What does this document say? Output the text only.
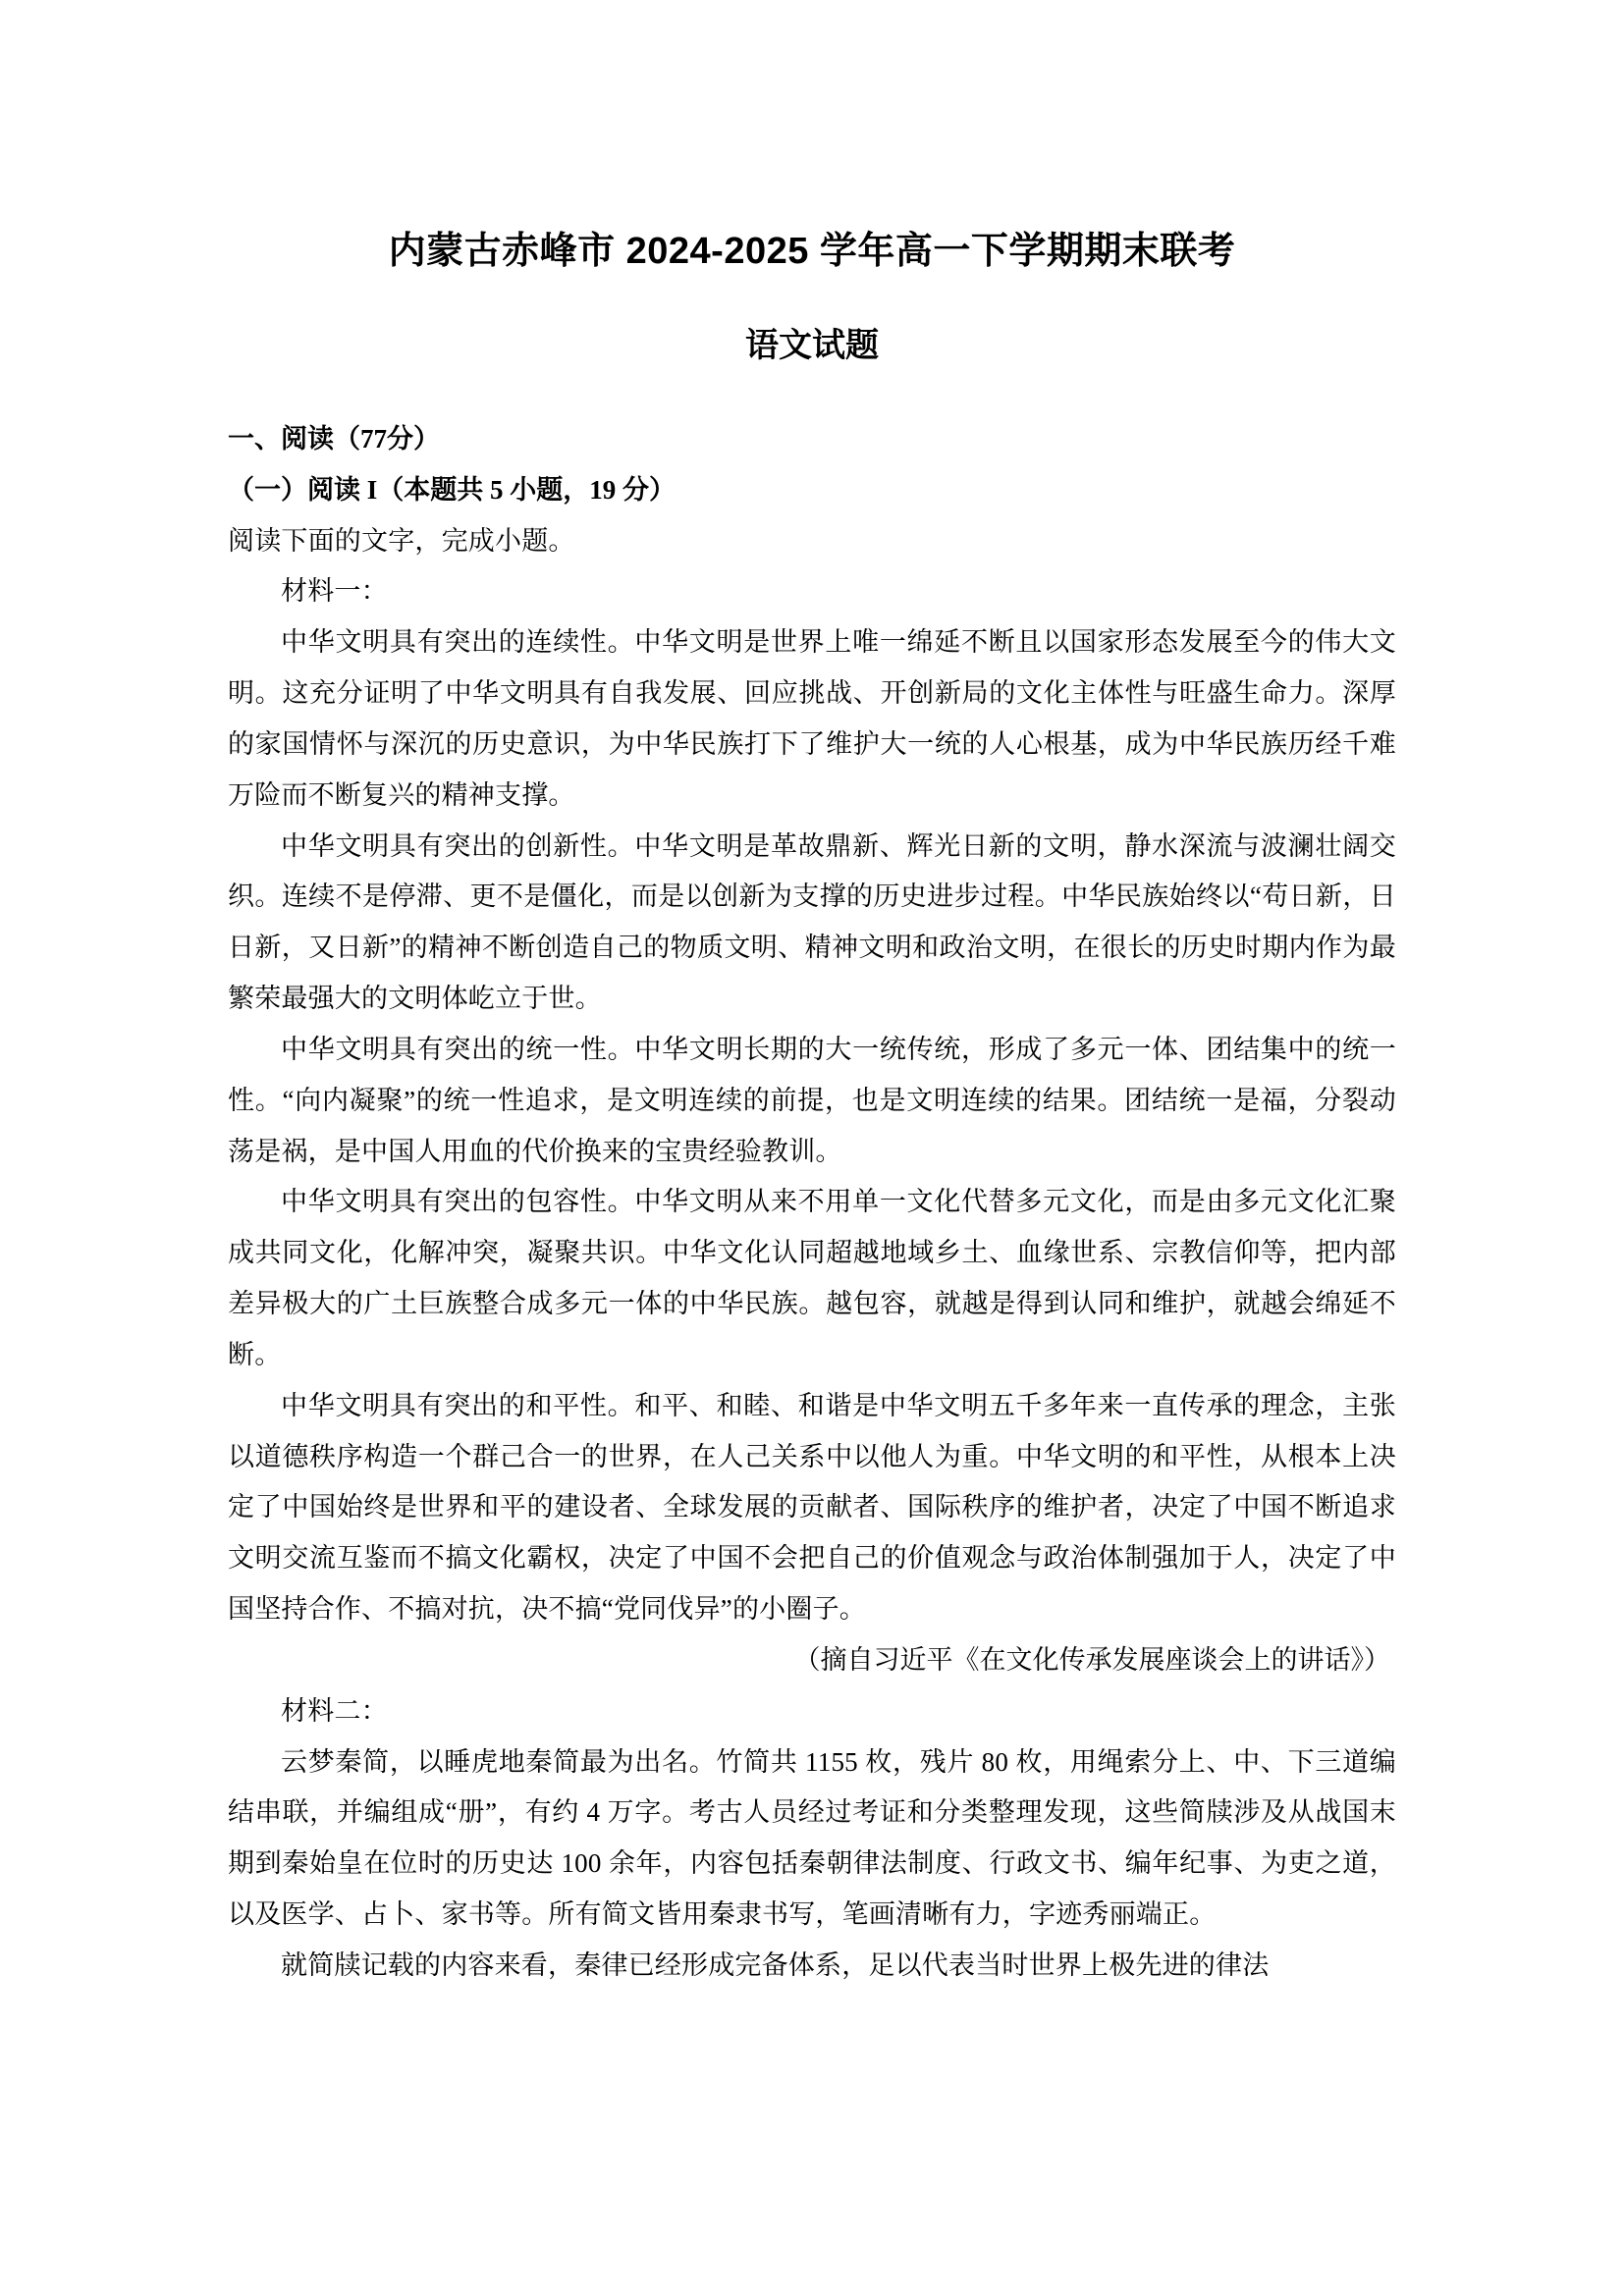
内蒙古赤峰市 2024-2025 学年高一下学期期末联考
语文试题

一、阅读（77分）

（一）阅读 I（本题共 5 小题，19 分）

阅读下面的文字，完成小题。

材料一：

中华文明具有突出的连续性。中华文明是世界上唯一绵延不断且以国家形态发展至今的伟大文明。这充分证明了中华文明具有自我发展、回应挑战、开创新局的文化主体性与旺盛生命力。深厚的家国情怀与深沉的历史意识，为中华民族打下了维护大一统的人心根基，成为中华民族历经千难万险而不断复兴的精神支撑。

中华文明具有突出的创新性。中华文明是革故鼎新、辉光日新的文明，静水深流与波澜壮阔交织。连续不是停滞、更不是僵化，而是以创新为支撑的历史进步过程。中华民族始终以“苟日新，日日新，又日新”的精神不断创造自己的物质文明、精神文明和政治文明，在很长的历史时期内作为最繁荣最强大的文明体屹立于世。

中华文明具有突出的统一性。中华文明长期的大一统传统，形成了多元一体、团结集中的统一性。“向内凝聚”的统一性追求，是文明连续的前提，也是文明连续的结果。团结统一是福，分裂动荡是祸，是中国人用血的代价换来的宝贵经验教训。

中华文明具有突出的包容性。中华文明从来不用单一文化代替多元文化，而是由多元文化汇聚成共同文化，化解冲突，凝聚共识。中华文化认同超越地域乡土、血缘世系、宗教信仰等，把内部差异极大的广土巨族整合成多元一体的中华民族。越包容，就越是得到认同和维护，就越会绵延不断。

中华文明具有突出的和平性。和平、和睦、和谐是中华文明五千多年来一直传承的理念，主张以道德秩序构造一个群己合一的世界，在人己关系中以他人为重。中华文明的和平性，从根本上决定了中国始终是世界和平的建设者、全球发展的贡献者、国际秩序的维护者，决定了中国不断追求文明交流互鉴而不搞文化霸权，决定了中国不会把自己的价值观念与政治体制强加于人，决定了中国坚持合作、不搞对抗，决不搞“党同伐异”的小圈子。

（摘自习近平《在文化传承发展座谈会上的讲话》）

材料二：

云梦秦简，以睡虎地秦简最为出名。竹简共 1155 枚，残片 80 枚，用绳索分上、中、下三道编结串联，并编组成“册”，有约 4 万字。考古人员经过考证和分类整理发现，这些简牍涉及从战国末期到秦始皇在位时的历史达 100 余年，内容包括秦朝律法制度、行政文书、编年纪事、为吏之道，以及医学、占卜、家书等。所有简文皆用秦隶书写，笔画清晰有力，字迹秀丽端正。

就简牍记载的内容来看，秦律已经形成完备体系，足以代表当时世界上极先进的律法
